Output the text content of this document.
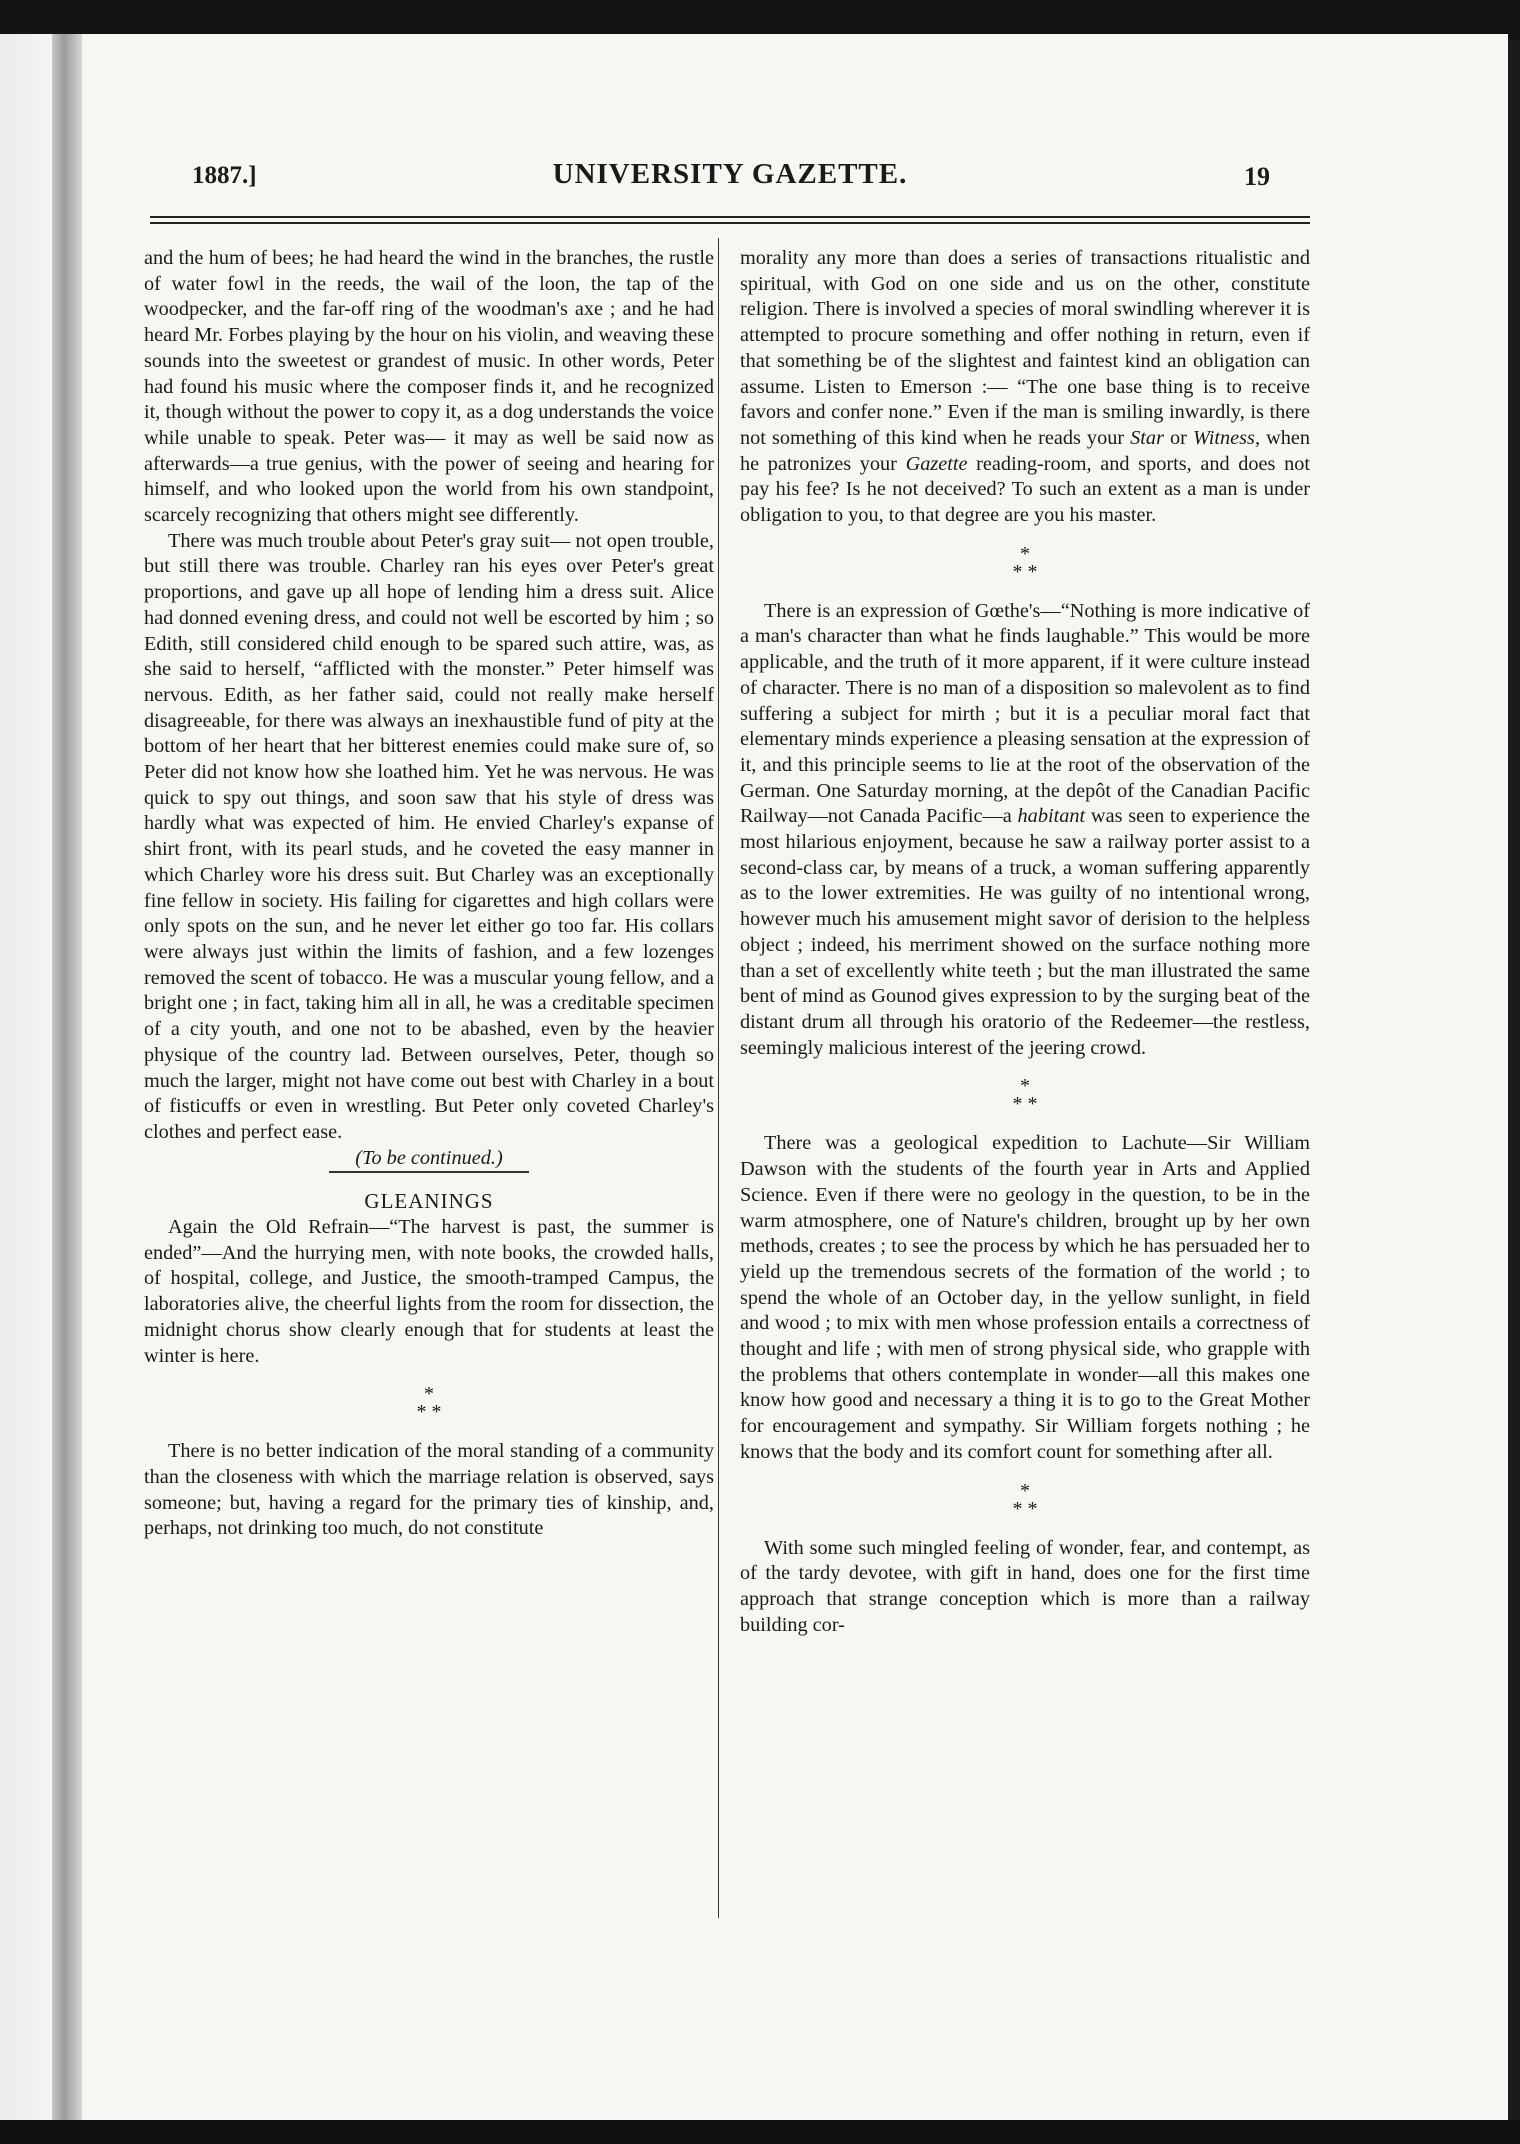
1887.]	UNIVERSITY GAZETTE.	19

and the hum of bees; he had heard the wind in the branches, the rustle of water fowl in the reeds, the wail of the loon, the tap of the woodpecker, and the far-off ring of the woodman's axe ; and he had heard Mr. Forbes playing by the hour on his violin, and weaving these sounds into the sweetest or grandest of music. In other words, Peter had found his music where the composer finds it, and he recognized it, though without the power to copy it, as a dog understands the voice while unable to speak. Peter was— it may as well be said now as afterwards—a true genius, with the power of seeing and hearing for himself, and who looked upon the world from his own standpoint, scarcely recognizing that others might see differently.

There was much trouble about Peter's gray suit— not open trouble, but still there was trouble. Charley ran his eyes over Peter's great proportions, and gave up all hope of lending him a dress suit. Alice had donned evening dress, and could not well be escorted by him ; so Edith, still considered child enough to be spared such attire, was, as she said to herself, “afflicted with the monster.” Peter himself was nervous. Edith, as her father said, could not really make herself disagreeable, for there was always an inexhaustible fund of pity at the bottom of her heart that her bitterest enemies could make sure of, so Peter did not know how she loathed him. Yet he was nervous. He was quick to spy out things, and soon saw that his style of dress was hardly what was expected of him. He envied Charley's expanse of shirt front, with its pearl studs, and he coveted the easy manner in which Charley wore his dress suit. But Charley was an exceptionally fine fellow in society. His failing for cigarettes and high collars were only spots on the sun, and he never let either go too far. His collars were always just within the limits of fashion, and a few lozenges removed the scent of tobacco. He was a muscular young fellow, and a bright one ; in fact, taking him all in all, he was a creditable specimen of a city youth, and one not to be abashed, even by the heavier physique of the country lad. Between ourselves, Peter, though so much the larger, might not have come out best with Charley in a bout of fisticuffs or even in wrestling. But Peter only coveted Charley's clothes and perfect ease.

(To be continued.)

GLEANINGS

Again the Old Refrain—“The harvest is past, the summer is ended”—And the hurrying men, with note books, the crowded halls, of hospital, college, and Justice, the smooth-tramped Campus, the laboratories alive, the cheerful lights from the room for dissection, the midnight chorus show clearly enough that for students at least the winter is here.

*
* *

There is no better indication of the moral standing of a community than the closeness with which the marriage relation is observed, says someone; but, having a regard for the primary ties of kinship, and, perhaps, not drinking too much, do not constitute

morality any more than does a series of transactions ritualistic and spiritual, with God on one side and us on the other, constitute religion. There is involved a species of moral swindling wherever it is attempted to procure something and offer nothing in return, even if that something be of the slightest and faintest kind an obligation can assume. Listen to Emerson :— “The one base thing is to receive favors and confer none.” Even if the man is smiling inwardly, is there not something of this kind when he reads your Star or Witness, when he patronizes your Gazette reading-room, and sports, and does not pay his fee? Is he not deceived? To such an extent as a man is under obligation to you, to that degree are you his master.

*
* *

There is an expression of Gœthe's—“Nothing is more indicative of a man's character than what he finds laughable.” This would be more applicable, and the truth of it more apparent, if it were culture instead of character. There is no man of a disposition so malevolent as to find suffering a subject for mirth ; but it is a peculiar moral fact that elementary minds experience a pleasing sensation at the expression of it, and this principle seems to lie at the root of the observation of the German. One Saturday morning, at the depôt of the Canadian Pacific Railway—not Canada Pacific—a habitant was seen to experience the most hilarious enjoyment, because he saw a railway porter assist to a second-class car, by means of a truck, a woman suffering apparently as to the lower extremities. He was guilty of no intentional wrong, however much his amusement might savor of derision to the helpless object ; indeed, his merriment showed on the surface nothing more than a set of excellently white teeth ; but the man illustrated the same bent of mind as Gounod gives expression to by the surging beat of the distant drum all through his oratorio of the Redeemer—the restless, seemingly malicious interest of the jeering crowd.

*
* *

There was a geological expedition to Lachute—Sir William Dawson with the students of the fourth year in Arts and Applied Science. Even if there were no geology in the question, to be in the warm atmosphere, one of Nature's children, brought up by her own methods, creates ; to see the process by which he has persuaded her to yield up the tremendous secrets of the formation of the world ; to spend the whole of an October day, in the yellow sunlight, in field and wood ; to mix with men whose profession entails a correctness of thought and life ; with men of strong physical side, who grapple with the problems that others contemplate in wonder—all this makes one know how good and necessary a thing it is to go to the Great Mother for encouragement and sympathy. Sir William forgets nothing ; he knows that the body and its comfort count for something after all.

*
* *

With some such mingled feeling of wonder, fear, and contempt, as of the tardy devotee, with gift in hand, does one for the first time approach that strange conception which is more than a railway building cor-
